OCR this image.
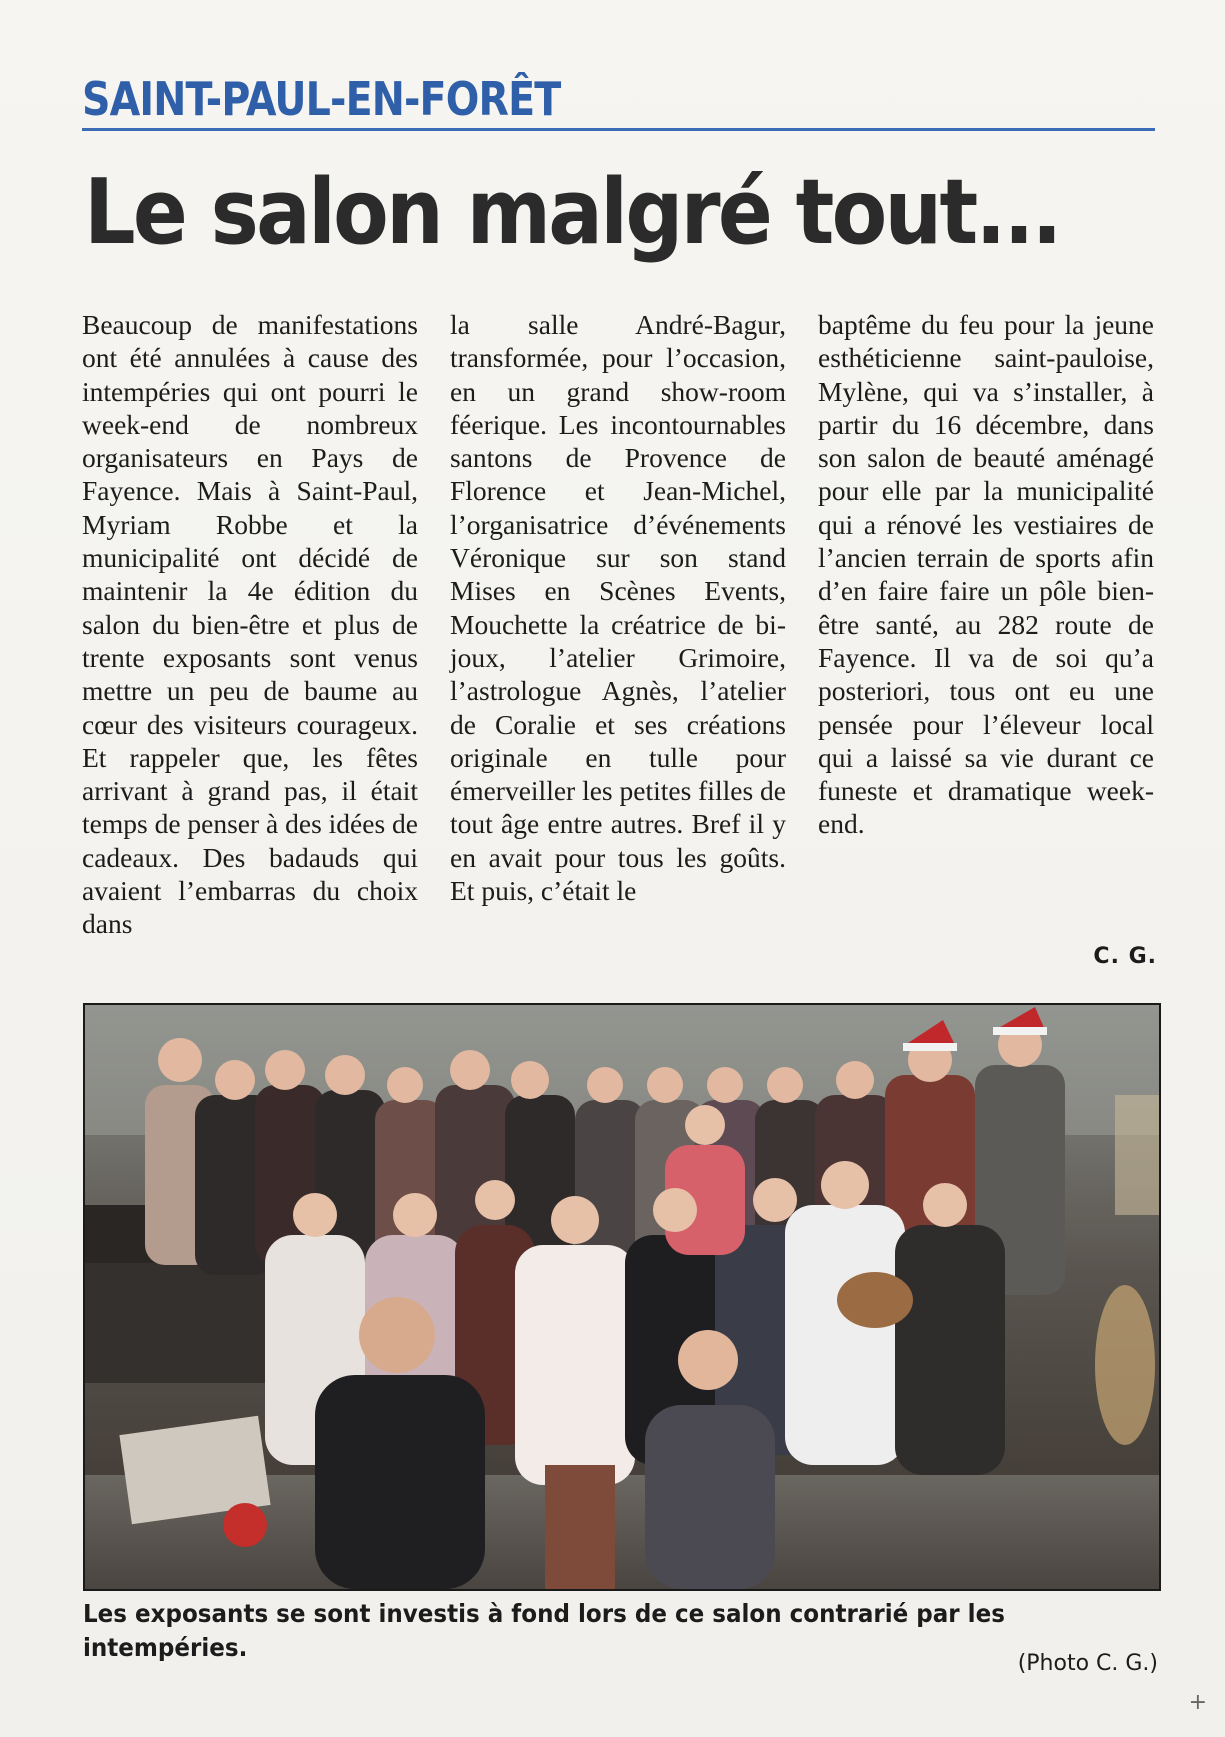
SAINT-PAUL-EN-FORÊT
Le salon malgré tout...

Beaucoup de manifestations ont été annulées à cause des intempéries qui ont pourri le week-end de nombreux organisateurs en Pays de Fayence. Mais à Saint-Paul, Myriam Robbe et la municipalité ont décidé de maintenir la 4e édition du salon du bien-être et plus de trente exposants sont venus mettre un peu de baume au cœur des visiteurs courageux. Et rappeler que, les fêtes arrivant à grand pas, il était temps de penser à des idées de cadeaux. Des badauds qui avaient l’embarras du choix dans

la salle André-Bagur, transformée, pour l’occasion, en un grand show-room féerique. Les incontournables santons de Provence de Florence et Jean-Michel, l’organisatrice d’événements Véronique sur son stand Mises en Scènes Events, Mouchette la créatrice de bijoux, l’atelier Grimoire, l’astrologue Agnès, l’atelier de Coralie et ses créations originale en tulle pour émerveiller les petites filles de tout âge entre autres. Bref il y en avait pour tous les goûts. Et puis, c’était le

baptême du feu pour la jeune esthéticienne saint-pauloise, Mylène, qui va s’installer, à partir du 16 décembre, dans son salon de beauté aménagé pour elle par la municipalité qui a rénové les vestiaires de l’ancien terrain de sports afin d’en faire faire un pôle bien-être santé, au 282 route de Fayence. Il va de soi qu’a posteriori, tous ont eu une pensée pour l’éleveur local qui a laissé sa vie durant ce funeste et dramatique week-end.

C. G.
Les exposants se sont investis à fond lors de ce salon contrarié par les intempéries.
(Photo C. G.)
+
